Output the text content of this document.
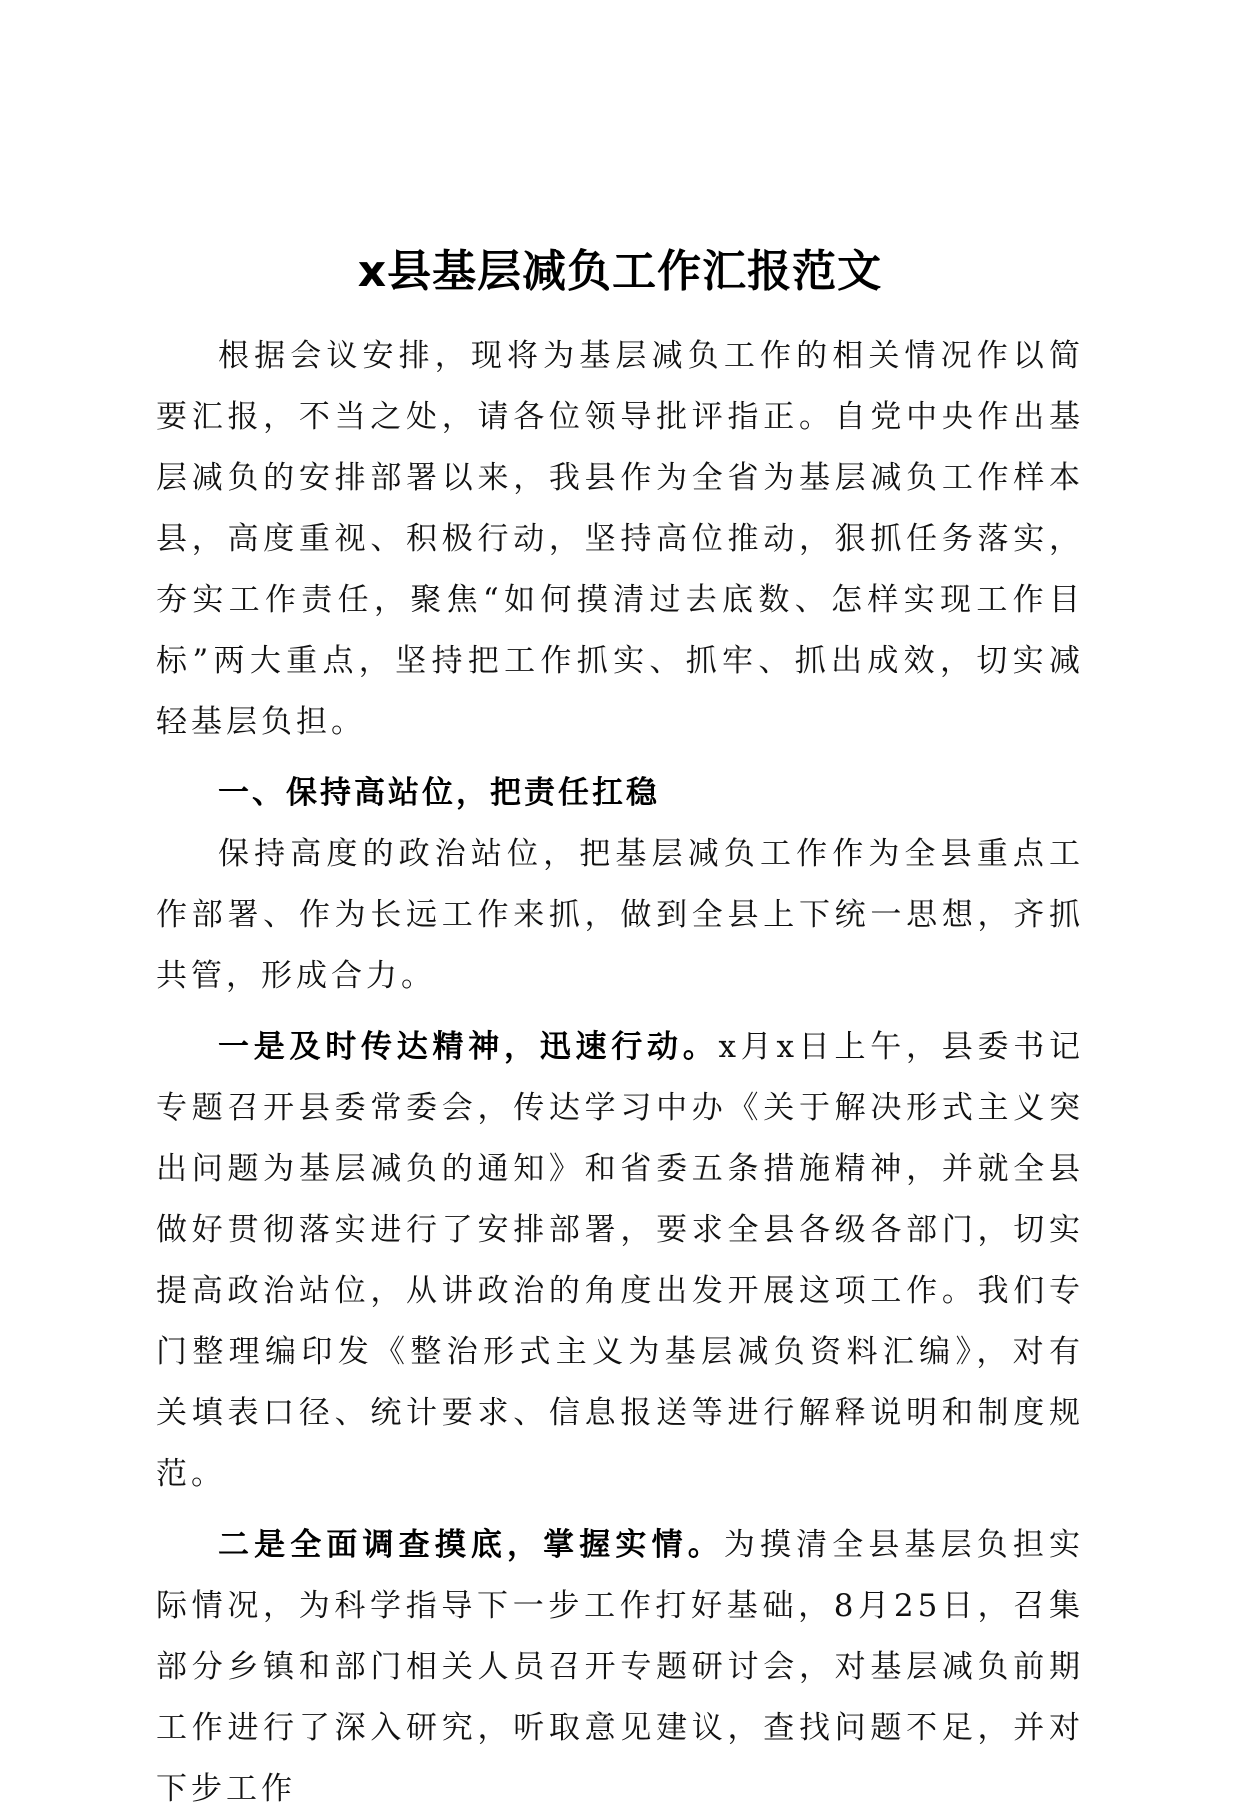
x县基层减负工作汇报范文

根据会议安排，现将为基层减负工作的相关情况作以简要汇报，不当之处，请各位领导批评指正。自党中央作出基层减负的安排部署以来，我县作为全省为基层减负工作样本县，高度重视、积极行动，坚持高位推动，狠抓任务落实，夯实工作责任，聚焦“如何摸清过去底数、怎样实现工作目标”两大重点，坚持把工作抓实、抓牢、抓出成效，切实减轻基层负担。

一、保持高站位，把责任扛稳

保持高度的政治站位，把基层减负工作作为全县重点工作部署、作为长远工作来抓，做到全县上下统一思想，齐抓共管，形成合力。

一是及时传达精神，迅速行动。x月x日上午，县委书记专题召开县委常委会，传达学习中办《关于解决形式主义突出问题为基层减负的通知》和省委五条措施精神，并就全县做好贯彻落实进行了安排部署，要求全县各级各部门，切实提高政治站位，从讲政治的角度出发开展这项工作。我们专门整理编印发《整治形式主义为基层减负资料汇编》，对有关填表口径、统计要求、信息报送等进行解释说明和制度规范。

二是全面调查摸底，掌握实情。为摸清全县基层负担实际情况，为科学指导下一步工作打好基础，8月25日，召集部分乡镇和部门相关人员召开专题研讨会，对基层减负前期工作进行了深入研究，听取意见建议，查找问题不足，并对下步工作
